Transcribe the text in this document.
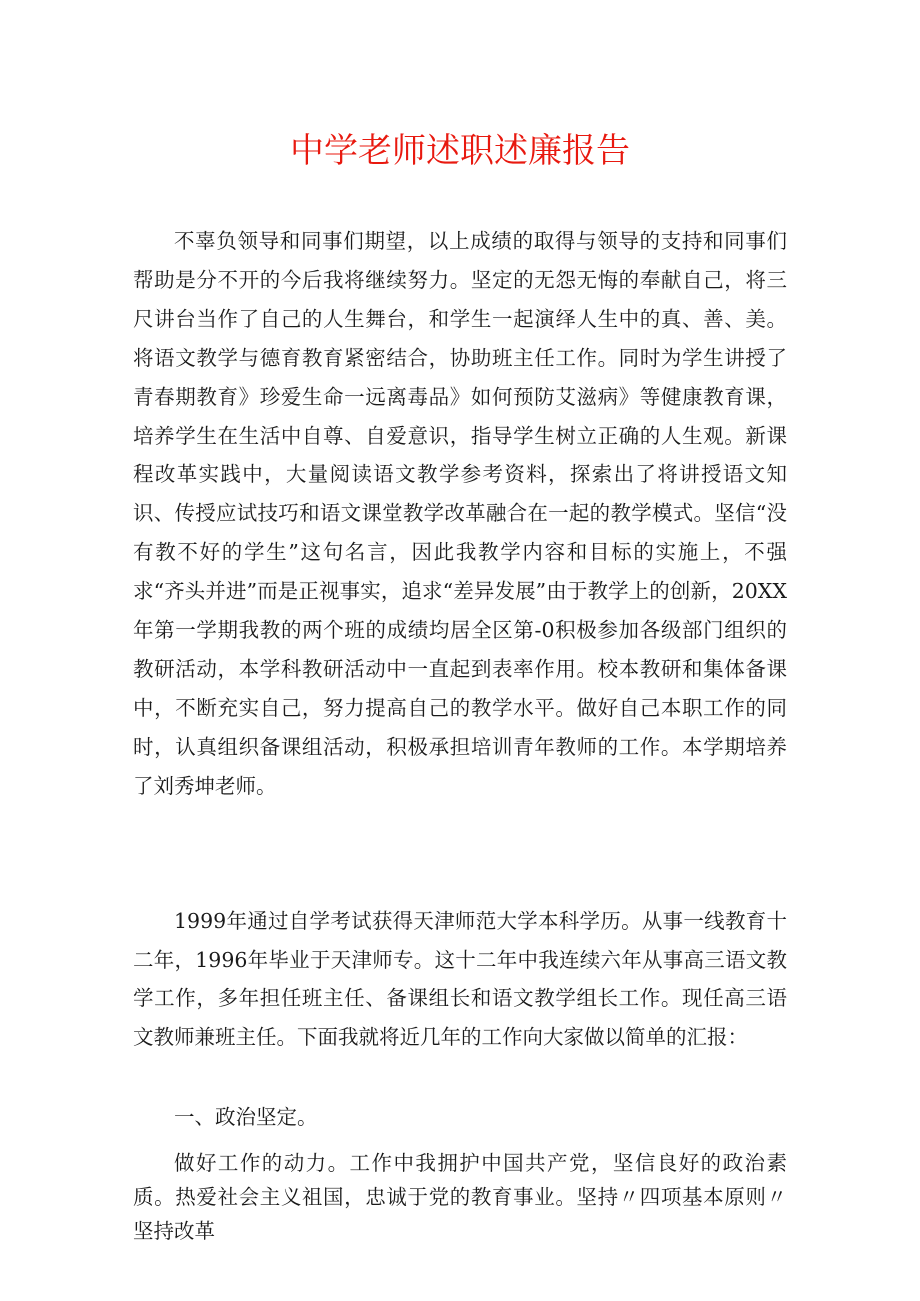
中学老师述职述廉报告

不辜负领导和同事们期望，以上成绩的取得与领导的支持和同事们帮助是分不开的今后我将继续努力。坚定的无怨无悔的奉献自己，将三尺讲台当作了自己的人生舞台，和学生一起演绎人生中的真、善、美。将语文教学与德育教育紧密结合，协助班主任工作。同时为学生讲授了青春期教育》珍爱生命一远离毒品》如何预防艾滋病》等健康教育课，培养学生在生活中自尊、自爱意识，指导学生树立正确的人生观。新课程改革实践中，大量阅读语文教学参考资料，探索出了将讲授语文知识、传授应试技巧和语文课堂教学改革融合在一起的教学模式。坚信“没有教不好的学生”这句名言，因此我教学内容和目标的实施上，不强求“齐头并进”而是正视事实，追求“差异发展”由于教学上的创新，20XX年第一学期我教的两个班的成绩均居全区第-0积极参加各级部门组织的教研活动，本学科教研活动中一直起到表率作用。校本教研和集体备课中，不断充实自己，努力提高自己的教学水平。做好自己本职工作的同时，认真组织备课组活动，积极承担培训青年教师的工作。本学期培养了刘秀坤老师。

1999年通过自学考试获得天津师范大学本科学历。从事一线教育十二年，1996年毕业于天津师专。这十二年中我连续六年从事高三语文教学工作，多年担任班主任、备课组长和语文教学组长工作。现任高三语文教师兼班主任。下面我就将近几年的工作向大家做以简单的汇报：

一、政治坚定。

做好工作的动力。工作中我拥护中国共产党，坚信良好的政治素质。热爱社会主义祖国，忠诚于党的教育事业。坚持〃四项基本原则〃坚持改革
